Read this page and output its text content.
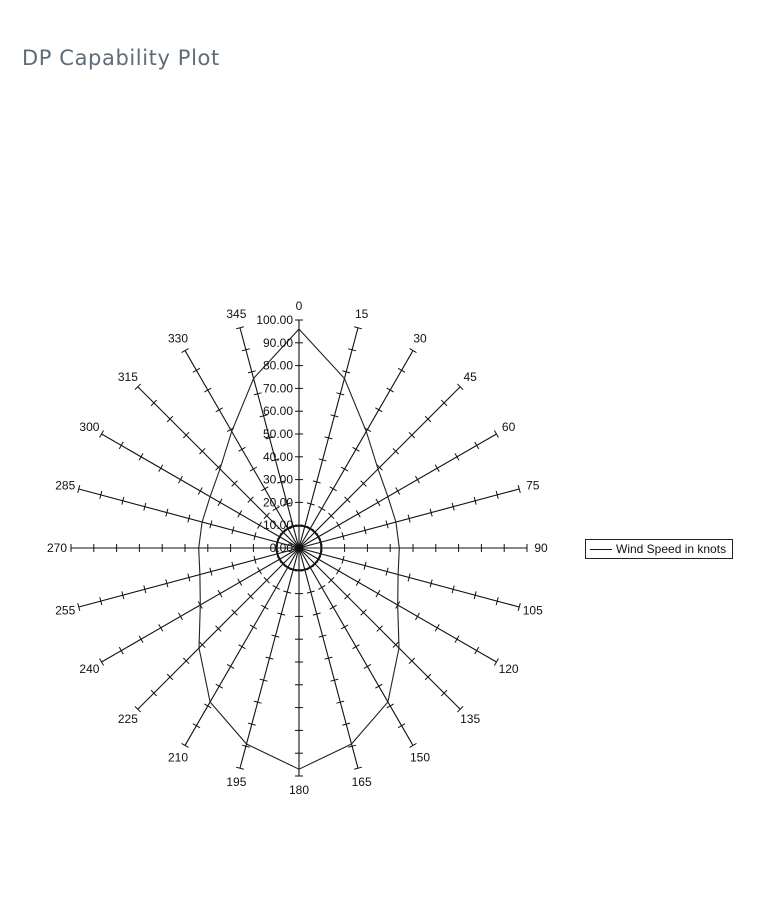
DP Capability Plot
0
15
30
45
60
75
90
105
120
135
150
165
180
195
210
225
240
255
270
285
300
315
330
345
0.00
10.00
20.00
30.00
40.00
50.00
60.00
70.00
80.00
90.00
100.00
Wind Speed in knots
